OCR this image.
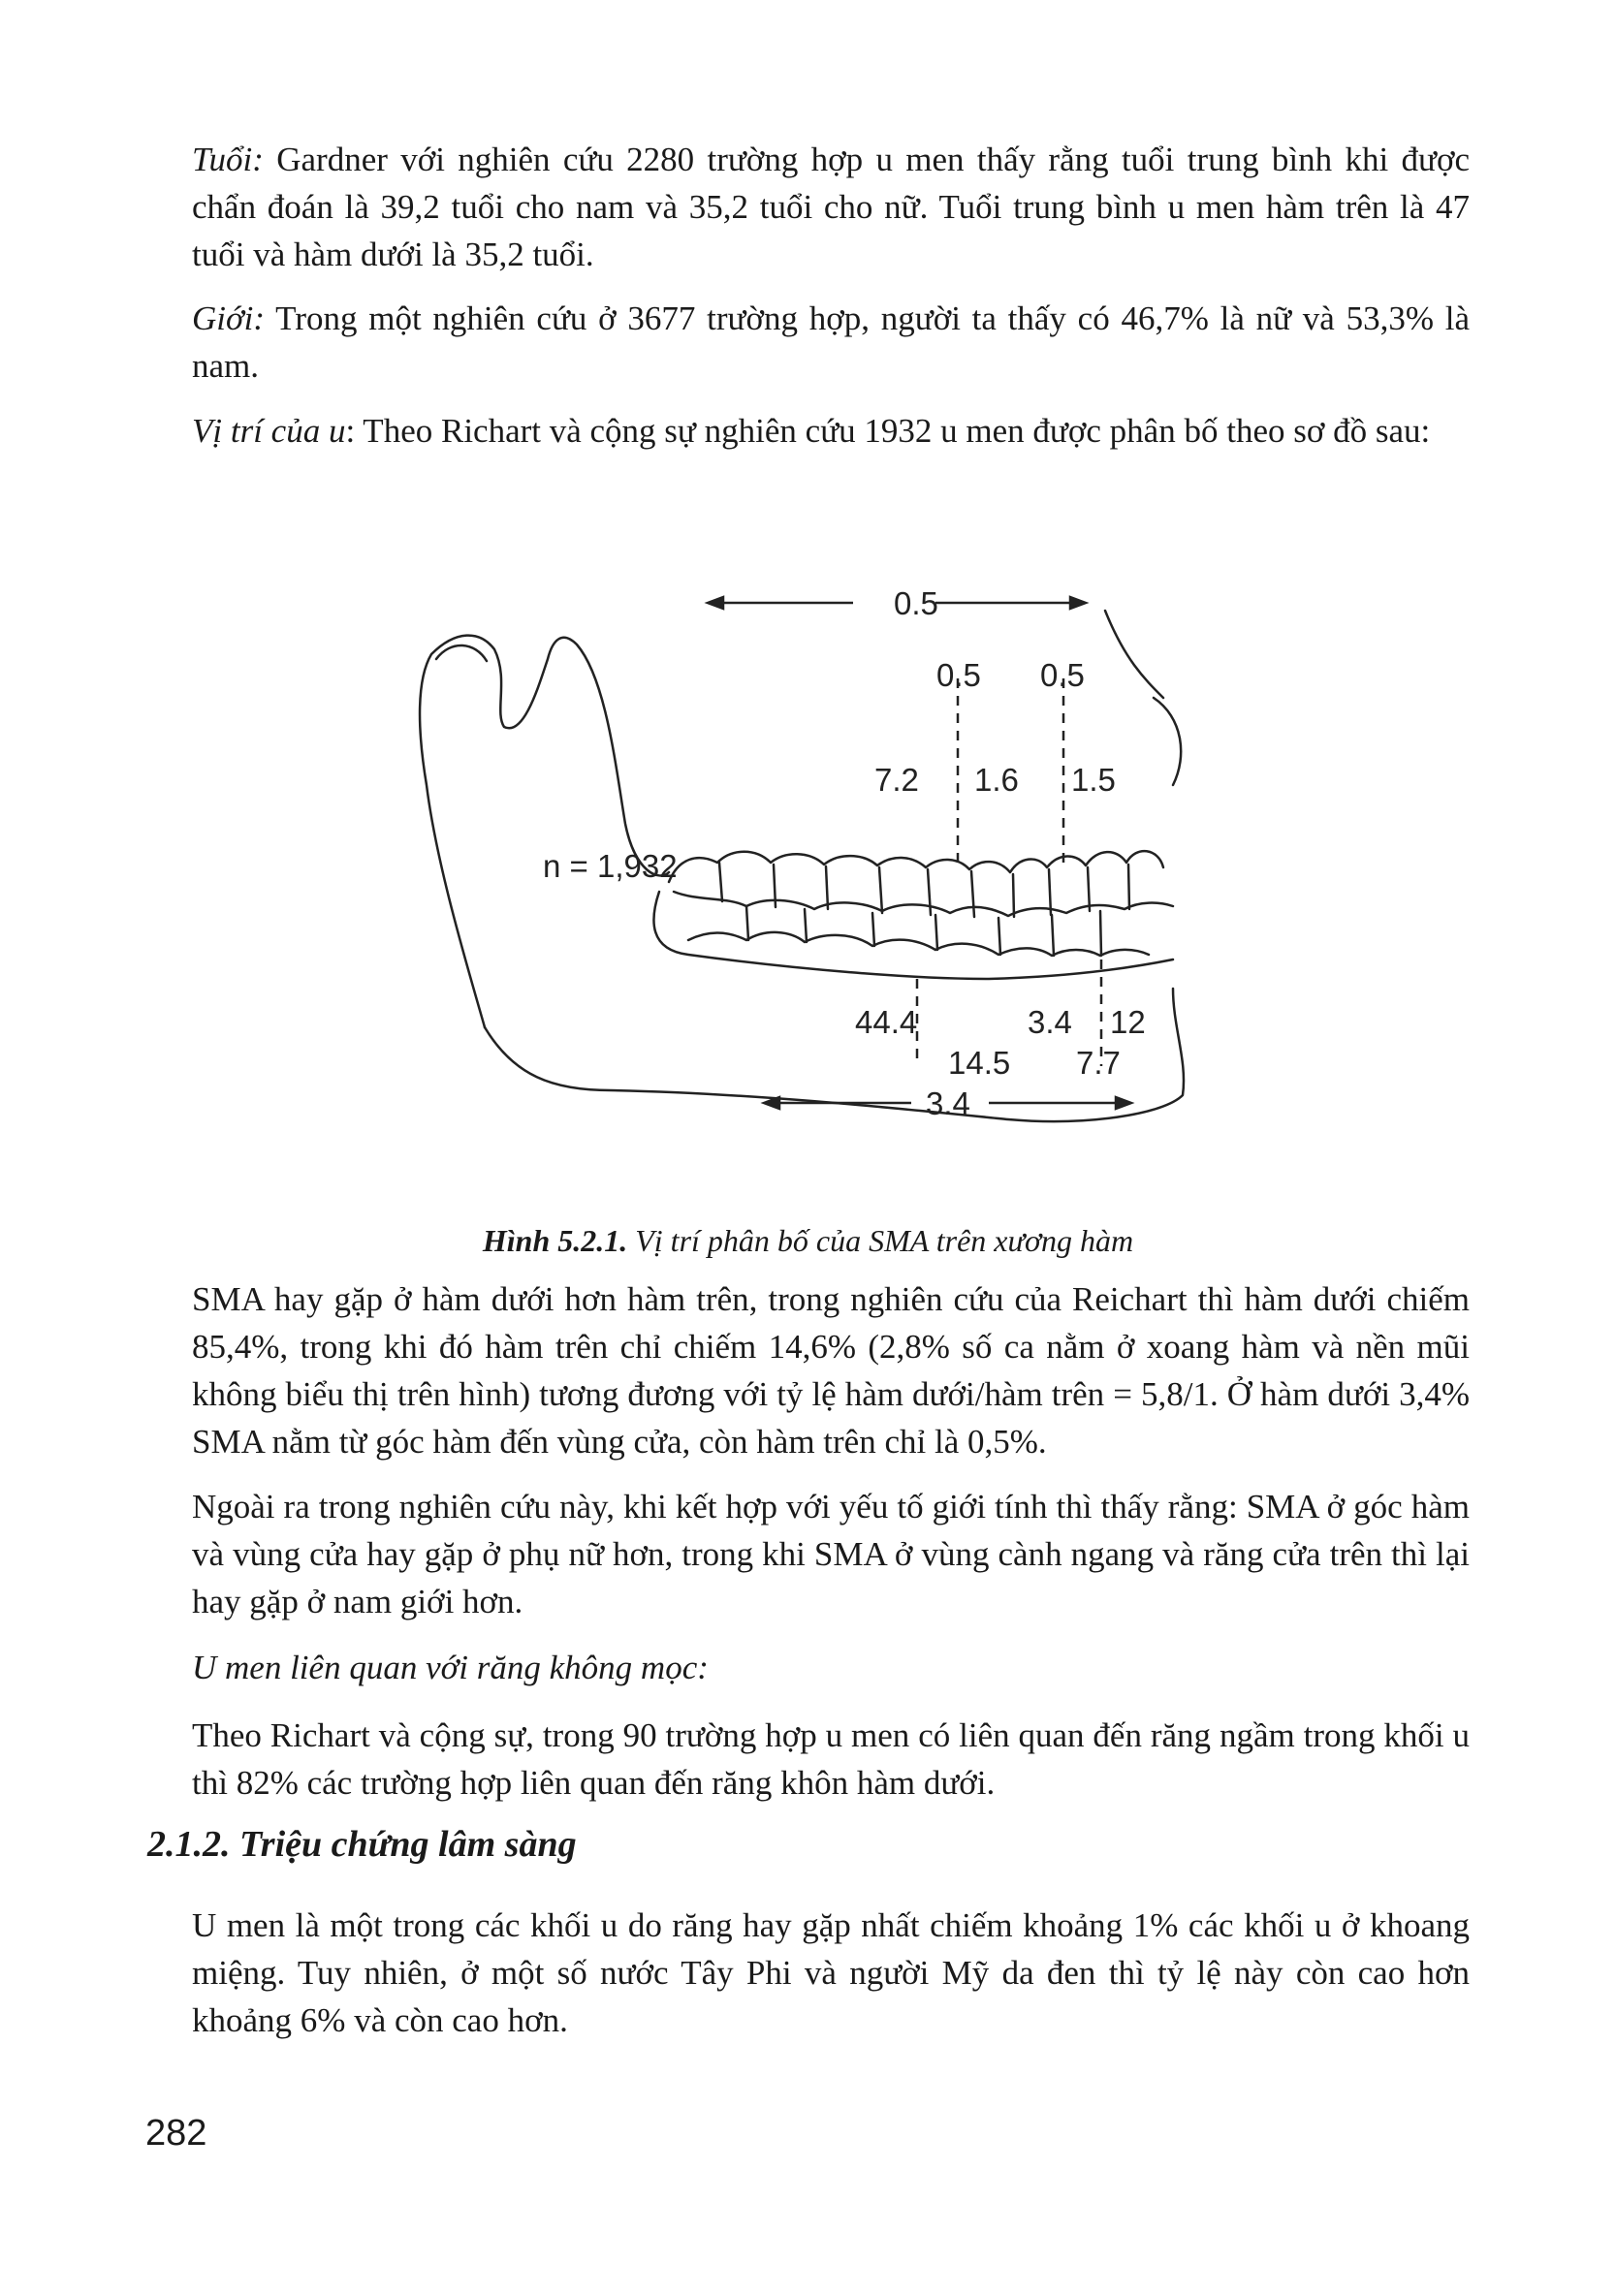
Tuổi: Gardner với nghiên cứu 2280 trường hợp u men thấy rằng tuổi trung bình khi được chẩn đoán là 39,2 tuổi cho nam và 35,2 tuổi cho nữ. Tuổi trung bình u men hàm trên là 47 tuổi và hàm dưới là 35,2 tuổi.

Giới: Trong một nghiên cứu ở 3677 trường hợp, người ta thấy có 46,7% là nữ và 53,3% là nam.

Vị trí của u: Theo Richart và cộng sự nghiên cứu 1932 u men được phân bố theo sơ đồ sau:

0.5
0.5 0.5
7.2 1.6 1.5
n = 1,932
44.4	3.4 12
14.5 7.7
3.4

Hình 5.2.1. Vị trí phân bố của SMA trên xương hàm

SMA hay gặp ở hàm dưới hơn hàm trên, trong nghiên cứu của Reichart thì hàm dưới chiếm 85,4%, trong khi đó hàm trên chỉ chiếm 14,6% (2,8% số ca nằm ở xoang hàm và nền mũi không biểu thị trên hình) tương đương với tỷ lệ hàm dưới/hàm trên = 5,8/1. Ở hàm dưới 3,4% SMA nằm từ góc hàm đến vùng cửa, còn hàm trên chỉ là 0,5%.

Ngoài ra trong nghiên cứu này, khi kết hợp với yếu tố giới tính thì thấy rằng: SMA ở góc hàm và vùng cửa hay gặp ở phụ nữ hơn, trong khi SMA ở vùng cành ngang và răng cửa trên thì lại hay gặp ở nam giới hơn.

U men liên quan với răng không mọc:

Theo Richart và cộng sự, trong 90 trường hợp u men có liên quan đến răng ngầm trong khối u thì 82% các trường hợp liên quan đến răng khôn hàm dưới.

2.1.2. Triệu chứng lâm sàng

U men là một trong các khối u do răng hay gặp nhất chiếm khoảng 1% các khối u ở khoang miệng. Tuy nhiên, ở một số nước Tây Phi và người Mỹ da đen thì tỷ lệ này còn cao hơn khoảng 6% và còn cao hơn.

282
